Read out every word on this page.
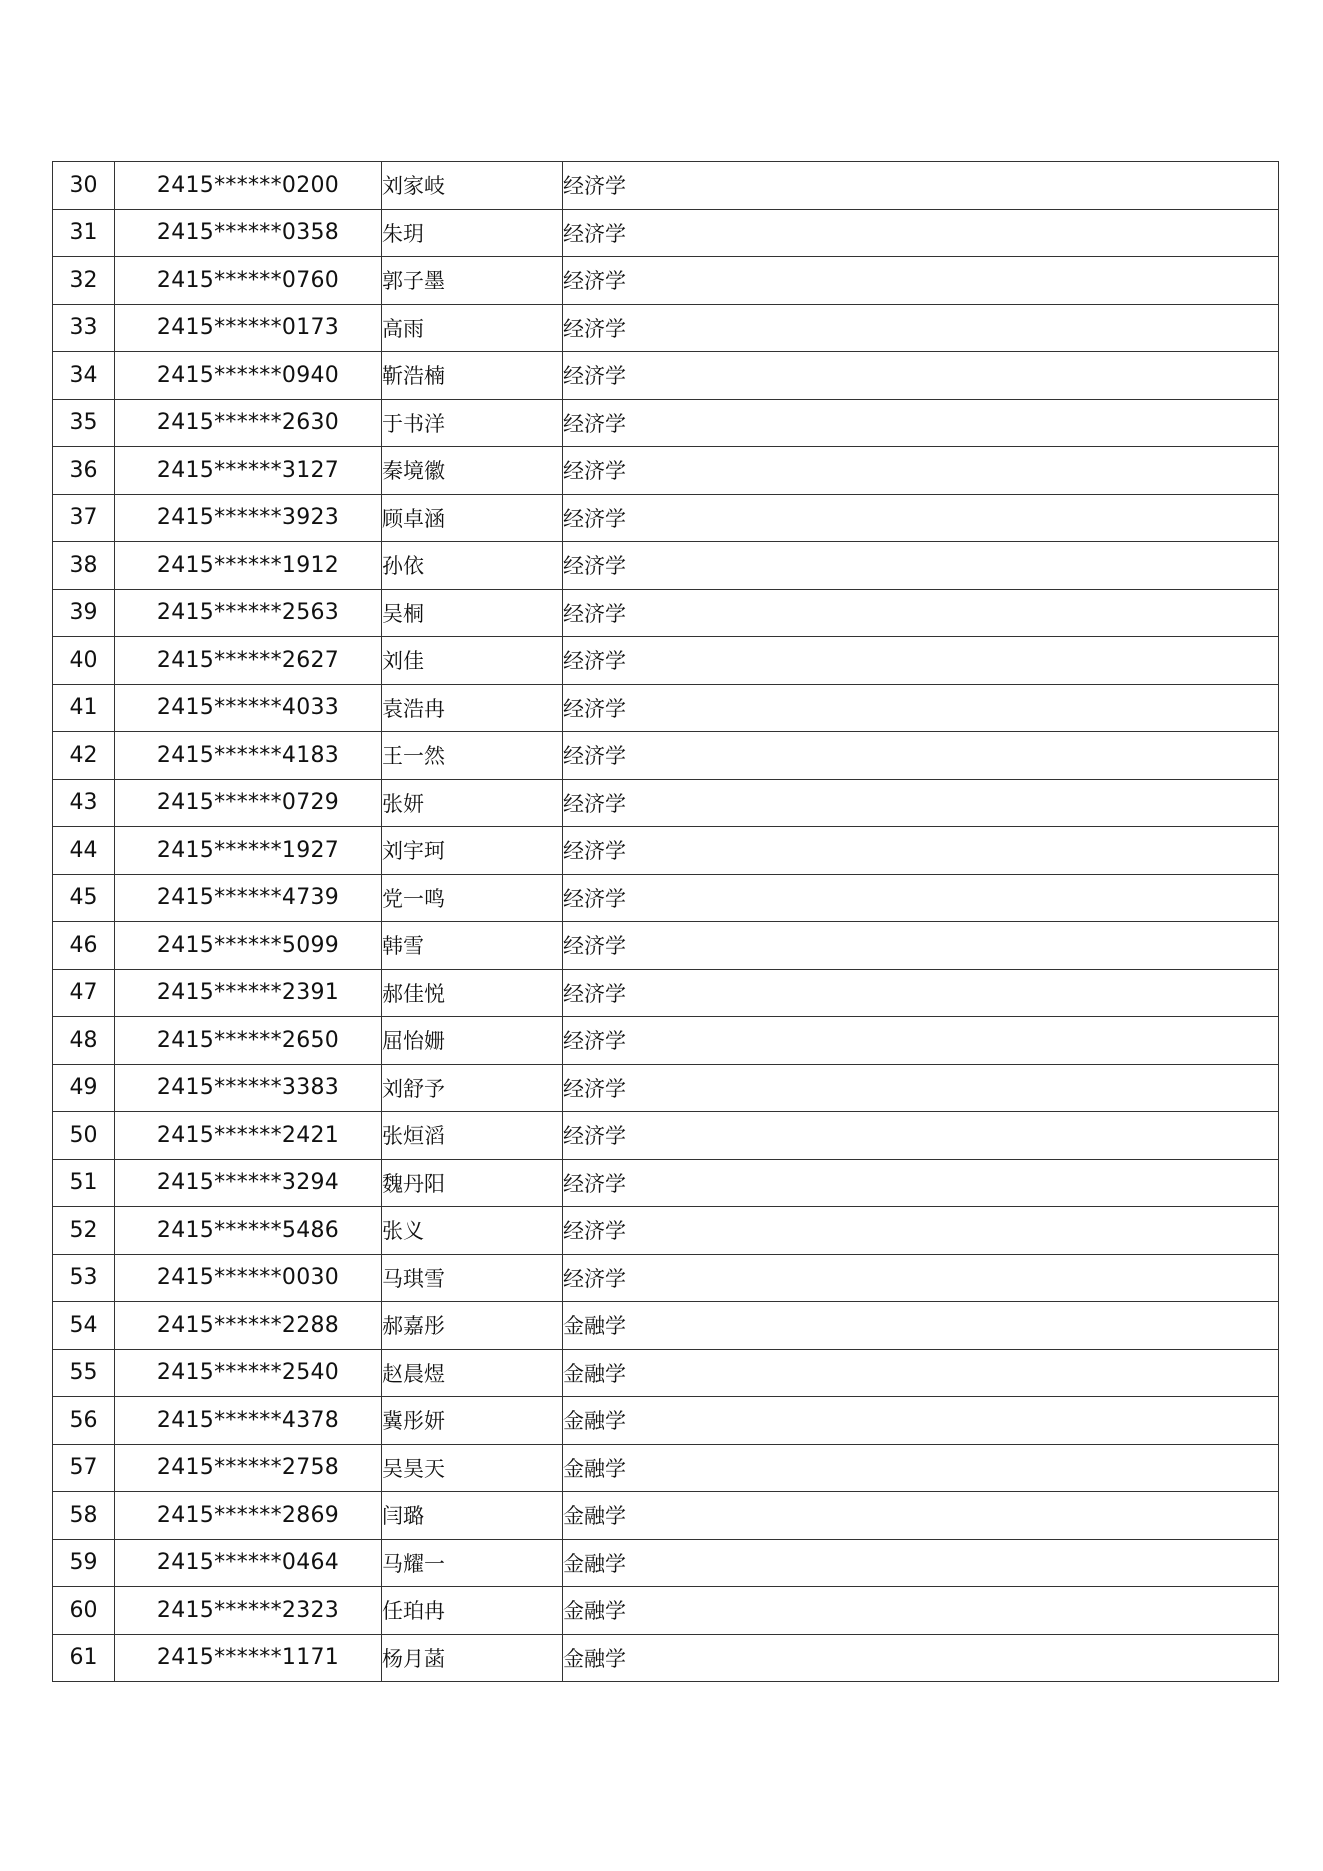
30	2415******0200	刘家岐	经济学
31	2415******0358	朱玥	经济学
32	2415******0760	郭子墨	经济学
33	2415******0173	高雨	经济学
34	2415******0940	靳浩楠	经济学
35	2415******2630	于书洋	经济学
36	2415******3127	秦境徽	经济学
37	2415******3923	顾卓涵	经济学
38	2415******1912	孙依	经济学
39	2415******2563	吴桐	经济学
40	2415******2627	刘佳	经济学
41	2415******4033	袁浩冉	经济学
42	2415******4183	王一然	经济学
43	2415******0729	张妍	经济学
44	2415******1927	刘宇珂	经济学
45	2415******4739	党一鸣	经济学
46	2415******5099	韩雪	经济学
47	2415******2391	郝佳悦	经济学
48	2415******2650	屈怡姗	经济学
49	2415******3383	刘舒予	经济学
50	2415******2421	张烜滔	经济学
51	2415******3294	魏丹阳	经济学
52	2415******5486	张义	经济学
53	2415******0030	马琪雪	经济学
54	2415******2288	郝嘉彤	金融学
55	2415******2540	赵晨煜	金融学
56	2415******4378	冀彤妍	金融学
57	2415******2758	吴昊天	金融学
58	2415******2869	闫璐	金融学
59	2415******0464	马耀一	金融学
60	2415******2323	任珀冉	金融学
61	2415******1171	杨月菡	金融学
